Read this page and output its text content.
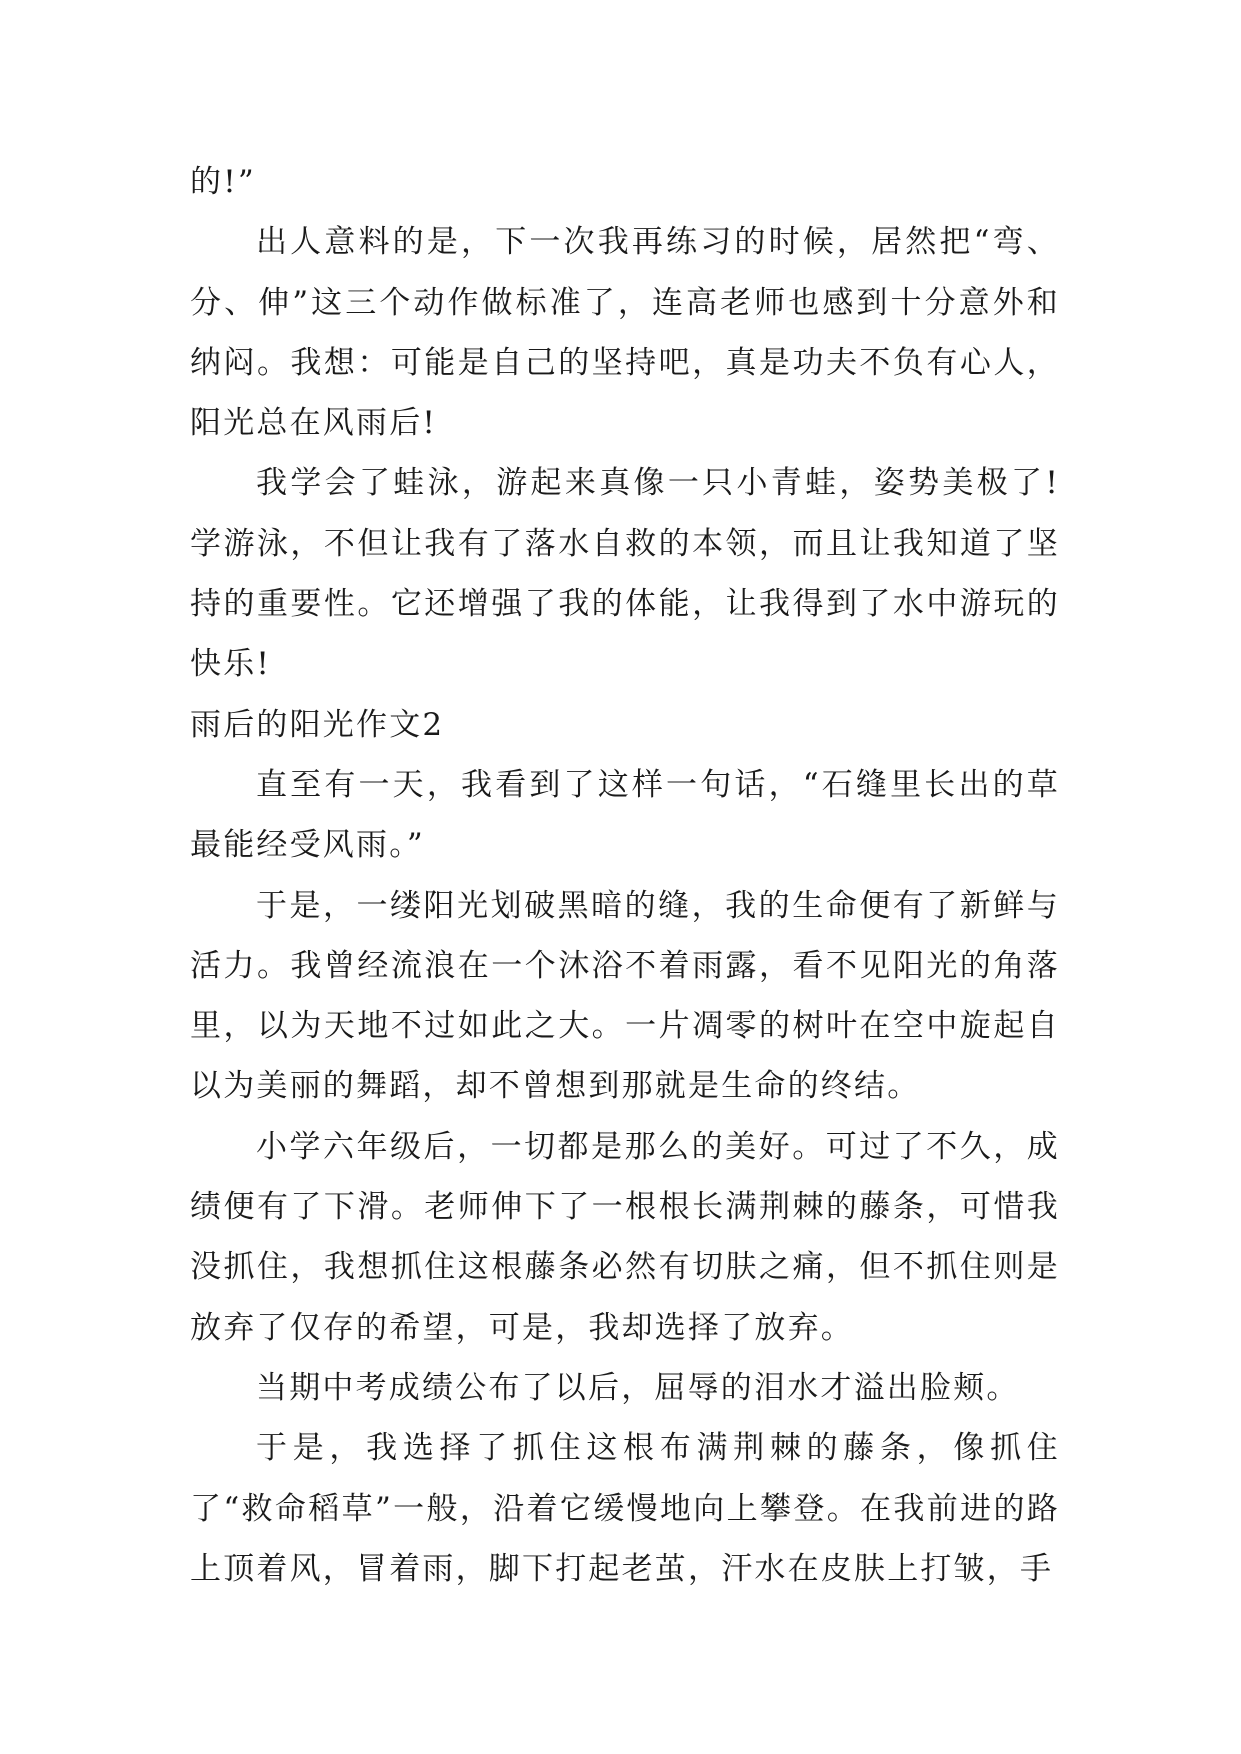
的!”

出人意料的是，下一次我再练习的时候，居然把“弯、分、伸”这三个动作做标准了，连高老师也感到十分意外和纳闷。我想：可能是自己的坚持吧，真是功夫不负有心人，阳光总在风雨后!

我学会了蛙泳，游起来真像一只小青蛙，姿势美极了!学游泳，不但让我有了落水自救的本领，而且让我知道了坚持的重要性。它还增强了我的体能，让我得到了水中游玩的快乐!

雨后的阳光作文2

直至有一天，我看到了这样一句话，“石缝里长出的草最能经受风雨。”

于是，一缕阳光划破黑暗的缝，我的生命便有了新鲜与活力。我曾经流浪在一个沐浴不着雨露，看不见阳光的角落里，以为天地不过如此之大。一片凋零的树叶在空中旋起自以为美丽的舞蹈，却不曾想到那就是生命的终结。

小学六年级后，一切都是那么的美好。可过了不久，成绩便有了下滑。老师伸下了一根根长满荆棘的藤条，可惜我没抓住，我想抓住这根藤条必然有切肤之痛，但不抓住则是放弃了仅存的希望，可是，我却选择了放弃。

当期中考成绩公布了以后，屈辱的泪水才溢出脸颊。

于是，我选择了抓住这根布满荆棘的藤条，像抓住了“救命稻草”一般，沿着它缓慢地向上攀登。在我前进的路上顶着风，冒着雨，脚下打起老茧，汗水在皮肤上打皱，手
